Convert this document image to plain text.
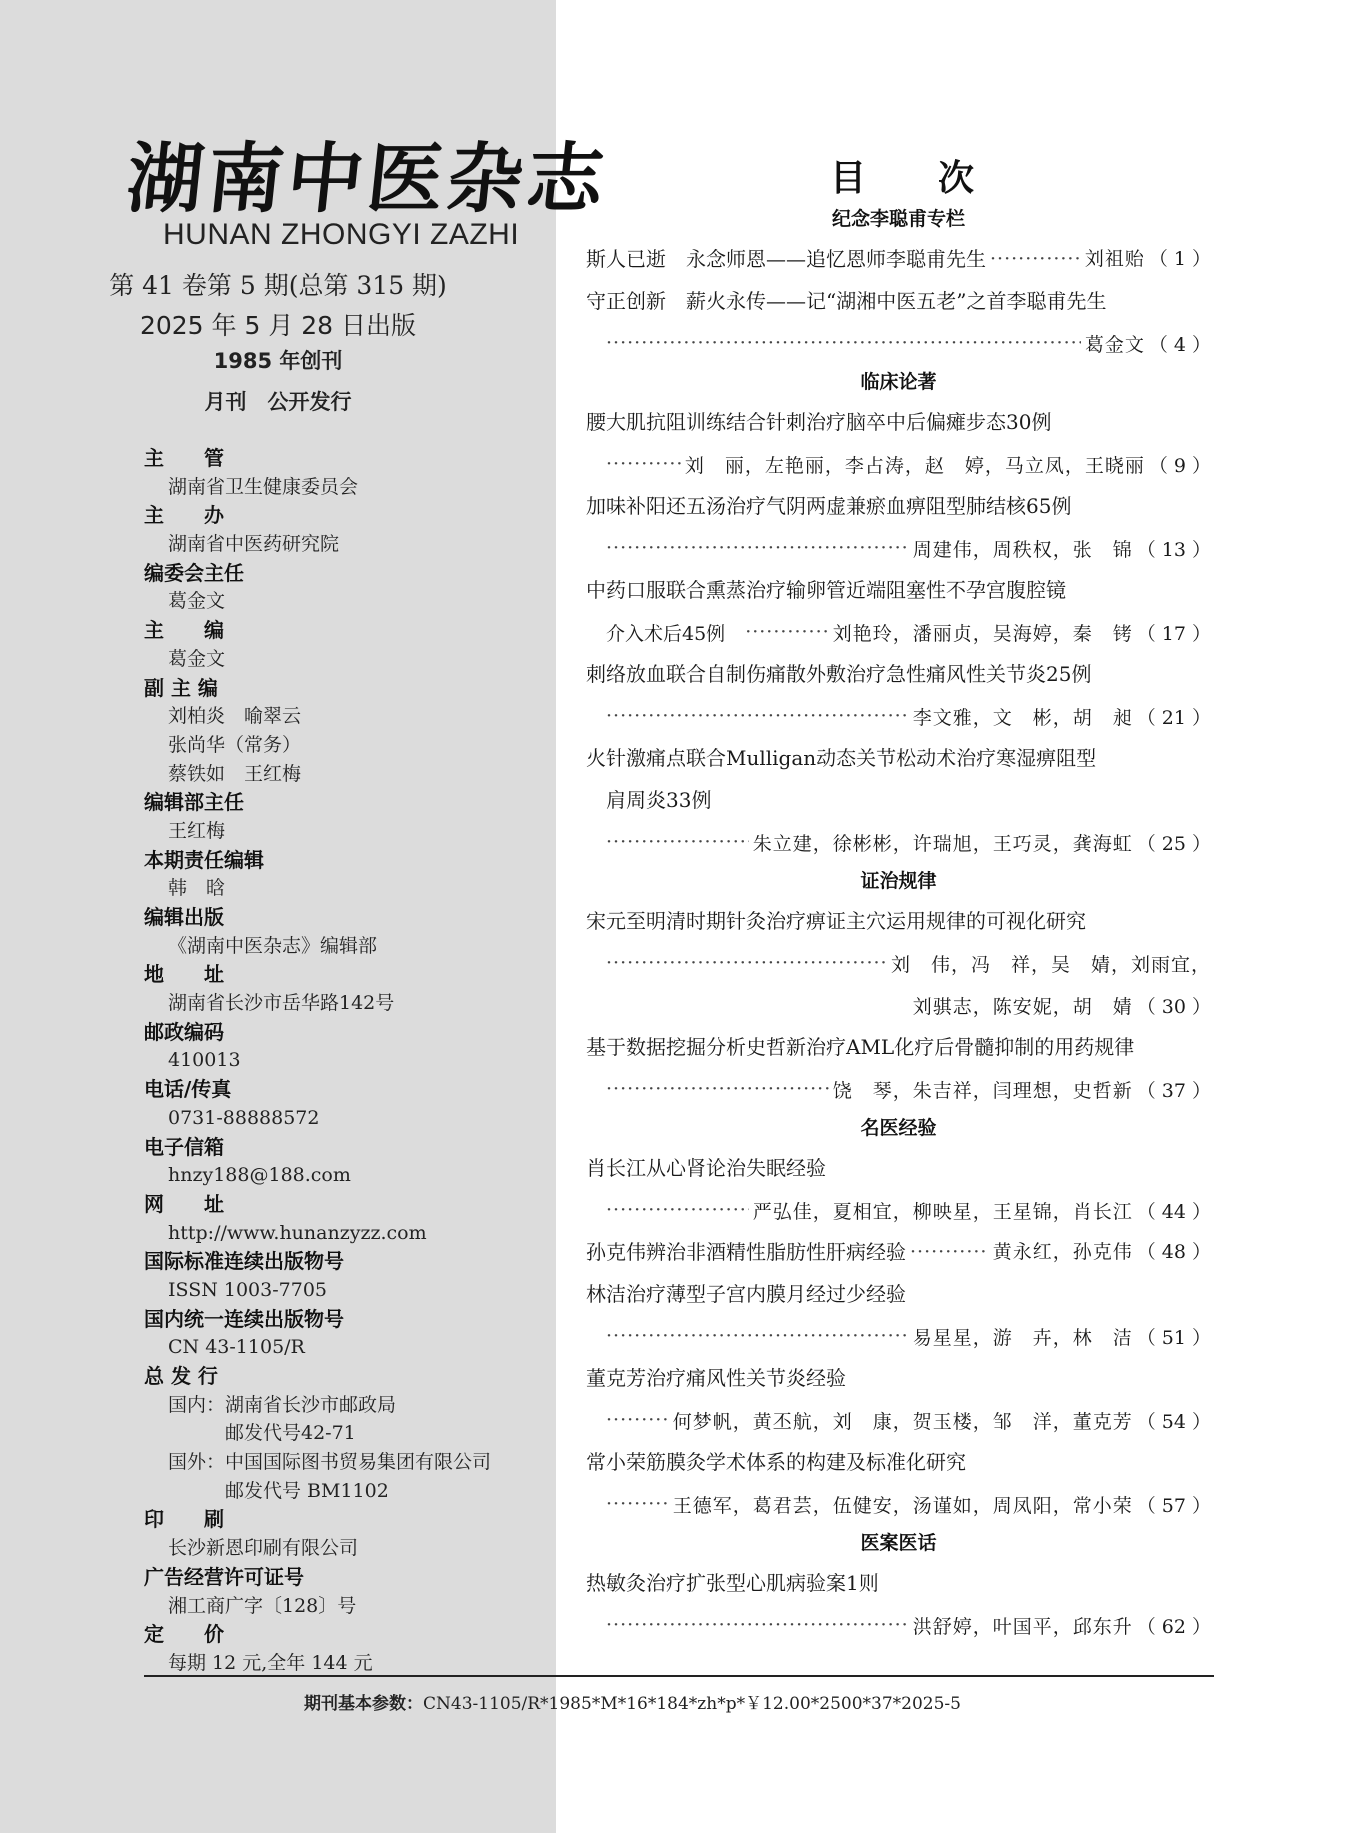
湖南中医杂志
HUNAN ZHONGYI ZAZHI
第 41 卷第 5 期(总第 315 期)
2025 年 5 月 28 日出版
1985 年创刊
月刊　公开发行
主　　管
湖南省卫生健康委员会
主　　办
湖南省中医药研究院
编委会主任
葛金文
主　　编
葛金文
副 主 编
刘柏炎　喻翠云
张尚华（常务）
蔡铁如　王红梅
编辑部主任
王红梅
本期责任编辑
韩　晗
编辑出版
《湖南中医杂志》编辑部
地　　址
湖南省长沙市岳华路142号
邮政编码
410013
电话/传真
0731-88888572
电子信箱
hnzy188@188.com
网　　址
http://www.hunanzyzz.com
国际标准连续出版物号
ISSN 1003-7705
国内统一连续出版物号
CN 43-1105/R
总 发 行
国内：湖南省长沙市邮政局
　　　邮发代号42-71
国外：中国国际图书贸易集团有限公司
　　　邮发代号 BM1102
印　　刷
长沙新恩印刷有限公司
广告经营许可证号
湘工商广字〔128〕号
定　　价
每期 12 元,全年 144 元
目　　次
纪念李聪甫专栏
斯人已逝　永念师恩——追忆恩师李聪甫先生 ·····	刘祖贻 （ 1 ）
守正创新　薪火永传——记“湖湘中医五老”之首李聪甫先生
·····
葛金文 （ 4 ）
临床论著
腰大肌抗阻训练结合针刺治疗脑卒中后偏瘫步态30例
·····
刘　丽，左艳丽，李占涛，赵　婷，马立凤，王晓丽 （ 9 ）
加味补阳还五汤治疗气阴两虚兼瘀血痹阻型肺结核65例
·····
周建伟，周秩权，张　锦 （ 13 ）
中药口服联合熏蒸治疗输卵管近端阻塞性不孕宫腹腔镜
介入术后45例 ·····	刘艳玲，潘丽贞，吴海婷，秦　铐 （ 17 ）
刺络放血联合自制伤痛散外敷治疗急性痛风性关节炎25例
·····
李文雅，文　彬，胡　昶 （ 21 ）
火针激痛点联合Mulligan动态关节松动术治疗寒湿痹阻型
肩周炎33例
·····
朱立建，徐彬彬，许瑞旭，王巧灵，龚海虹 （ 25 ）
证治规律
宋元至明清时期针灸治疗痹证主穴运用规律的可视化研究
·····
刘　伟，冯　祥，吴　婧，刘雨宜，
刘骐志，陈安妮，胡　婧 （ 30 ）
基于数据挖掘分析史哲新治疗AML化疗后骨髓抑制的用药规律
·····
饶　琴，朱吉祥，闫理想，史哲新 （ 37 ）
名医经验
肖长江从心肾论治失眠经验
·····
严弘佳，夏相宜，柳映星，王星锦，肖长江 （ 44 ）
孙克伟辨治非酒精性脂肪性肝病经验 ·····	黄永红，孙克伟 （ 48 ）
林洁治疗薄型子宫内膜月经过少经验
·····
易星星，游　卉，林　洁 （ 51 ）
董克芳治疗痛风性关节炎经验
·····
何梦帆，黄丕航，刘　康，贺玉楼，邹　洋，董克芳 （ 54 ）
常小荣筋膜灸学术体系的构建及标准化研究
·····
王德军，葛君芸，伍健安，汤谨如，周凤阳，常小荣 （ 57 ）
医案医话
热敏灸治疗扩张型心肌病验案1则
·····
洪舒婷，叶国平，邱东升 （ 62 ）
期刊基本参数：CN43-1105/R*1985*M*16*184*zh*p*￥12.00*2500*37*2025-5
